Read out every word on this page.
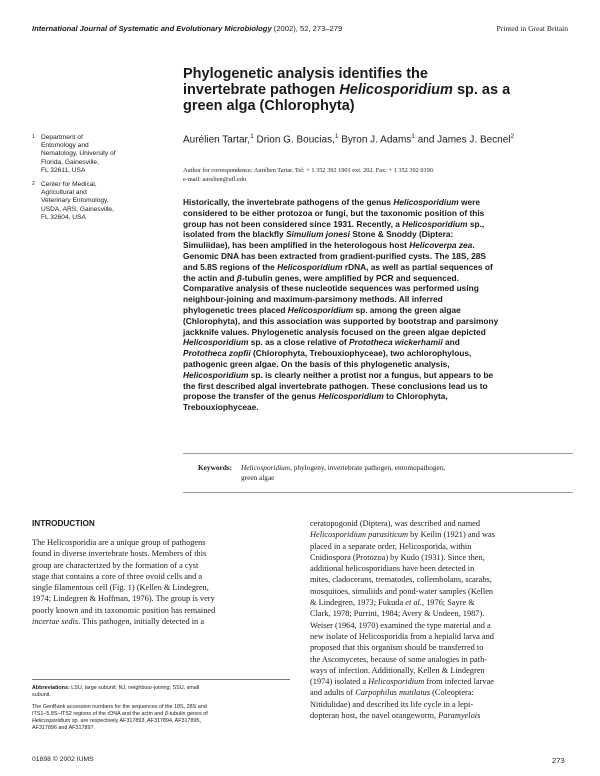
International Journal of Systematic and Evolutionary Microbiology (2002), 52, 273–279	Printed in Great Britain
Phylogenetic analysis identifies the
invertebrate pathogen Helicosporidium sp. as a
green alga (Chlorophyta)
Aurélien Tartar,$^1$ Drion G. Boucias,$^1$ Byron J. Adams$^1$ and James J. Becnel$^2$
Author for correspondence: Aurélien Tartar. Tel: + 1 352 392 1901 ext. 202. Fax: + 1 352 392 0190.
e-mail: aurelien@ufl.edu
1 Department of
Entomology and
Nematology, University of
Florida, Gainesville,
FL 32611, USA
2 Center for Medical,
Agricultural and
Veterinary Entomology,
USDA, ARS, Gainesville,
FL 32604, USA
Historically, the invertebrate pathogens of the genus Helicosporidium were
considered to be either protozoa or fungi, but the taxonomic position of this
group has not been considered since 1931. Recently, a Helicosporidium sp.,
isolated from the blackfly Simulium jonesi Stone & Snoddy (Diptera:
Simuliidae), has been amplified in the heterologous host Helicoverpa zea.
Genomic DNA has been extracted from gradient-purified cysts. The 18S, 28S
and 5.8S regions of the Helicosporidium rDNA, as well as partial sequences of
the actin and β-tubulin genes, were amplified by PCR and sequenced.
Comparative analysis of these nucleotide sequences was performed using
neighbour-joining and maximum-parsimony methods. All inferred
phylogenetic trees placed Helicosporidium sp. among the green algae
(Chlorophyta), and this association was supported by bootstrap and parsimony
jackknife values. Phylogenetic analysis focused on the green algae depicted
Helicosporidium sp. as a close relative of Prototheca wickerhamii and
Prototheca zopfii (Chlorophyta, Trebouxiophyceae), two achlorophylous,
pathogenic green algae. On the basis of this phylogenetic analysis,
Helicosporidium sp. is clearly neither a protist nor a fungus, but appears to be
the first described algal invertebrate pathogen. These conclusions lead us to
propose the transfer of the genus Helicosporidium to Chlorophyta,
Trebouxiophyceae.
Keywords: Helicosporidium, phylogeny, invertebrate pathogen, entomopathogen,
green algae
INTRODUCTION
The Helicosporidia are a unique group of pathogens
found in diverse invertebrate hosts. Members of this
group are characterized by the formation of a cyst
stage that contains a core of three ovoid cells and a
single filamentous cell (Fig. 1) (Kellen & Lindegren,
1974; Lindegren & Hoffman, 1976). The group is very
poorly known and its taxonomic position has remained
incertae sedis. This pathogen, initially detected in a
ceratopogonid (Diptera), was described and named
Helicosporidium parasiticum by Keilin (1921) and was
placed in a separate order, Helicosporida, within
Cnidiospora (Protozoa) by Kudo (1931). Since then,
additional helicosporidians have been detected in
mites, cladocerans, trematodes, collembolans, scarabs,
mosquitoes, simuliids and pond-water samples (Kellen
& Lindegren, 1973; Fukuda et al., 1976; Sayre &
Clark, 1978; Purrini, 1984; Avery & Undeen, 1987).
Weiser (1964, 1970) examined the type material and a
new isolate of Helicosporidia from a hepialid larva and
proposed that this organism should be transferred to
the Ascomycetes, because of some analogies in path-
ways of infection. Additionally, Kellen & Lindegren
(1974) isolated a Helicosporidium from infected larvae
and adults of Carpophilus mutilatus (Coleoptera:
Nitidulidae) and described its life cycle in a lepi-
dopteran host, the navel orangeworm, Paramyelois
Abbreviations: LSU, large subunit; NJ, neighbour-joining; SSU, small
subunit.
The GenBank accession numbers for the sequences of the 18S, 28S and
ITS1–5.8S–ITS2 regions of the rDNA and the actin and β-tubulin genes of
Helicosporidium sp. are respectively AF317893, AF317894, AF317895,
AF317896 and AF317897.
01898 © 2002 IUMS	273
